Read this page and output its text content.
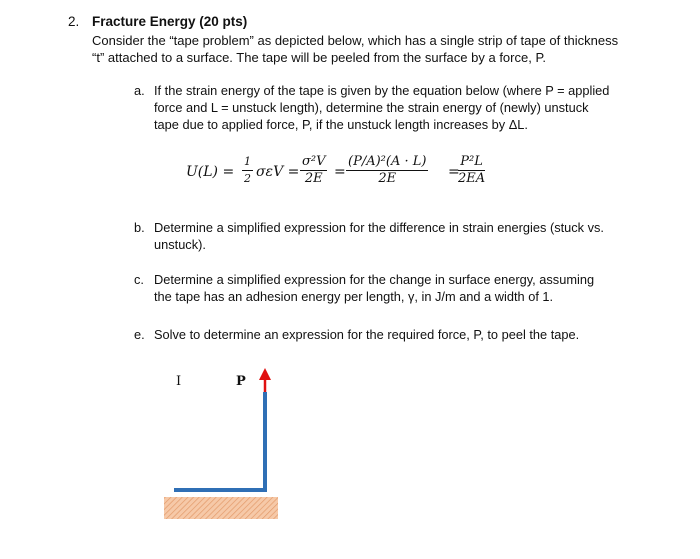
2. Fracture Energy (20 pts)
Consider the “tape problem” as depicted below, which has a single strip of tape of thickness
“t” attached to a surface. The tape will be peeled from the surface by a force, P.
a. If the strain energy of the tape is given by the equation below (where P = applied
force and L = unstuck length), determine the strain energy of (newly) unstuck
tape due to applied force, P, if the unstuck length increases by ΔL.
$U(L) = \frac{1}{2}$ $\sigma\varepsilon V = \frac{\text{σ²V}}{2E} = \frac{\text{(P/A)²(A · L)}}{2E}$ =
$\frac{\text{P²L}}{2EA}$
b. Determine a simplified expression for the difference in strain energies (stuck vs.
unstuck).
c. Determine a simplified expression for the change in surface energy, assuming
the tape has an adhesion energy per length, γ, in J/m and a width of 1.
e. Solve to determine an expression for the required force, P, to peel the tape.
I	P
